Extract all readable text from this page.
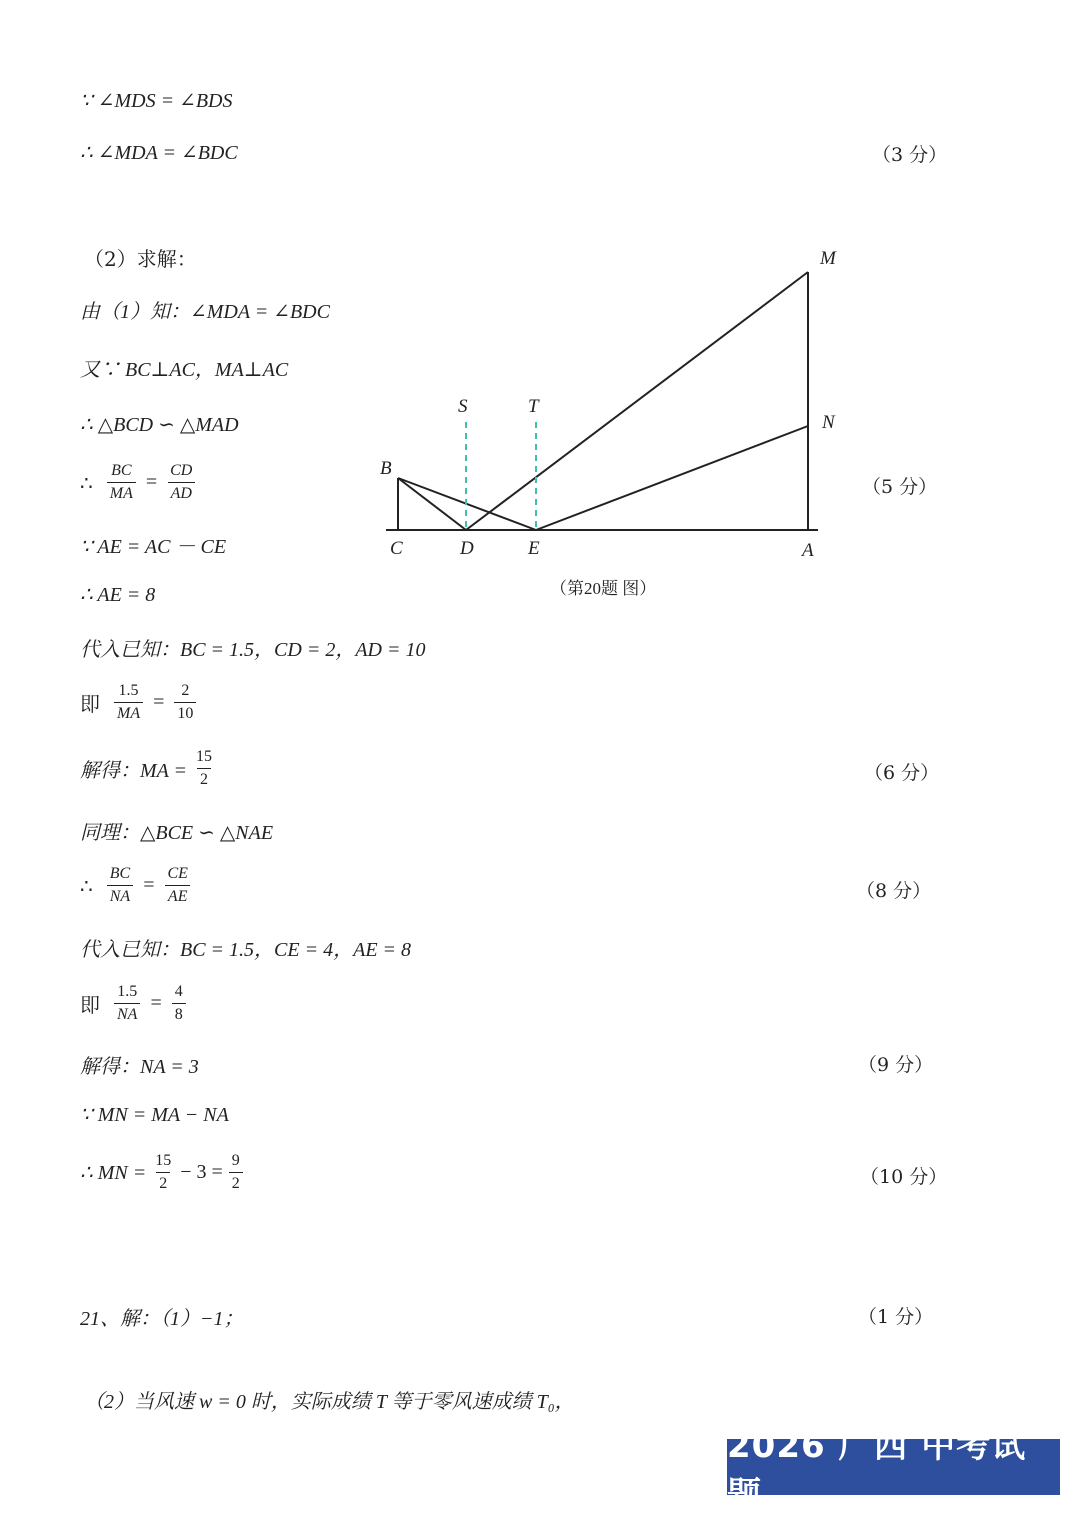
∵ ∠MDS = ∠BDS
∴ ∠MDA = ∠BDC	（3 分）
（2）求解：
由（1）知：∠MDA = ∠BDC
又∵ BC⊥AC，MA⊥AC
∴ △BCD ∽ △MAD
∴ $\frac{BC}{MA} = \frac{CD}{AD}$	（5 分）
∵ AE = AC － CE
∴ AE = 8
代入已知：BC = 1.5，CD = 2，AD = 10
即 $\frac{1.5}{MA} = \frac{2}{10}$
解得：MA = $\frac{15}{2}$	（6 分）
同理：△BCE ∽ △NAE
∴ $\frac{BC}{NA} = \frac{CE}{AE}$	（8 分）
代入已知：BC = 1.5，CE = 4，AE = 8
即 $\frac{1.5}{NA} = \frac{4}{8}$
解得：NA = 3	（9 分）
∵ MN = MA − NA
∴ MN = $\frac{15}{2} - 3 = \frac{9}{2}$	（10 分）
M
N
S	T
B
C	D	E	A
（第20题 图）
21、解：（1）−1；	（1 分）
（2）当风速 w = 0 时，实际成绩 T 等于零风速成绩 T₀，
2026 广西 中考试题
